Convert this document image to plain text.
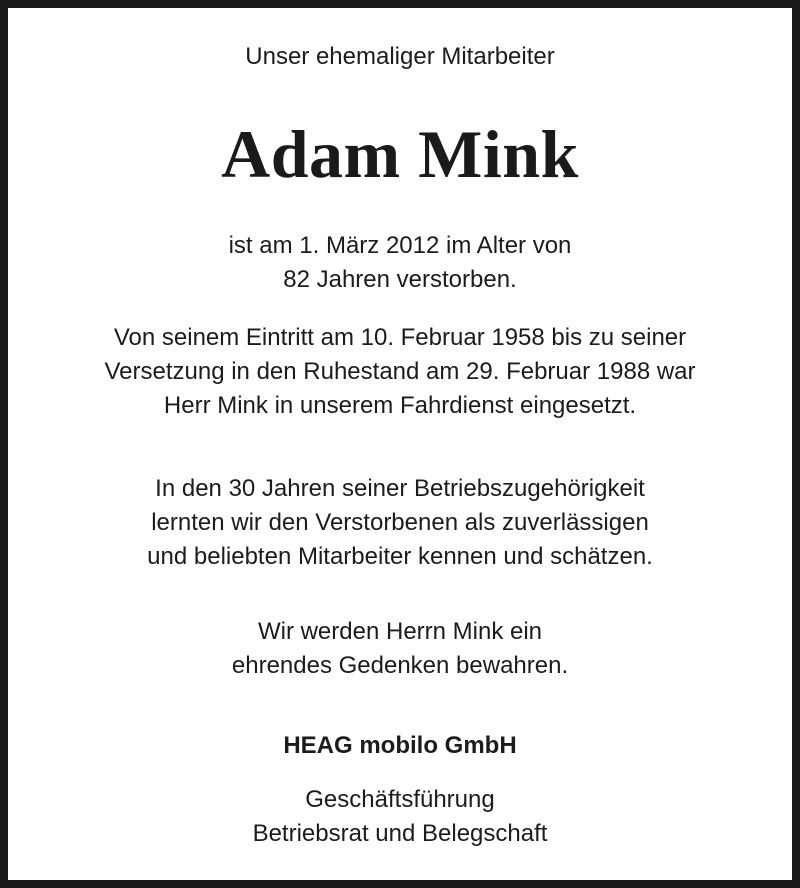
Unser ehemaliger Mitarbeiter

Adam Mink

ist am 1. März 2012 im Alter von

82 Jahren verstorben.

Von seinem Eintritt am 10. Februar 1958 bis zu seiner

Versetzung in den Ruhestand am 29. Februar 1988 war

Herr Mink in unserem Fahrdienst eingesetzt.

In den 30 Jahren seiner Betriebszugehörigkeit

lernten wir den Verstorbenen als zuverlässigen

und beliebten Mitarbeiter kennen und schätzen.

Wir werden Herrn Mink ein

ehrendes Gedenken bewahren.

HEAG mobilo GmbH

Geschäftsführung

Betriebsrat und Belegschaft
